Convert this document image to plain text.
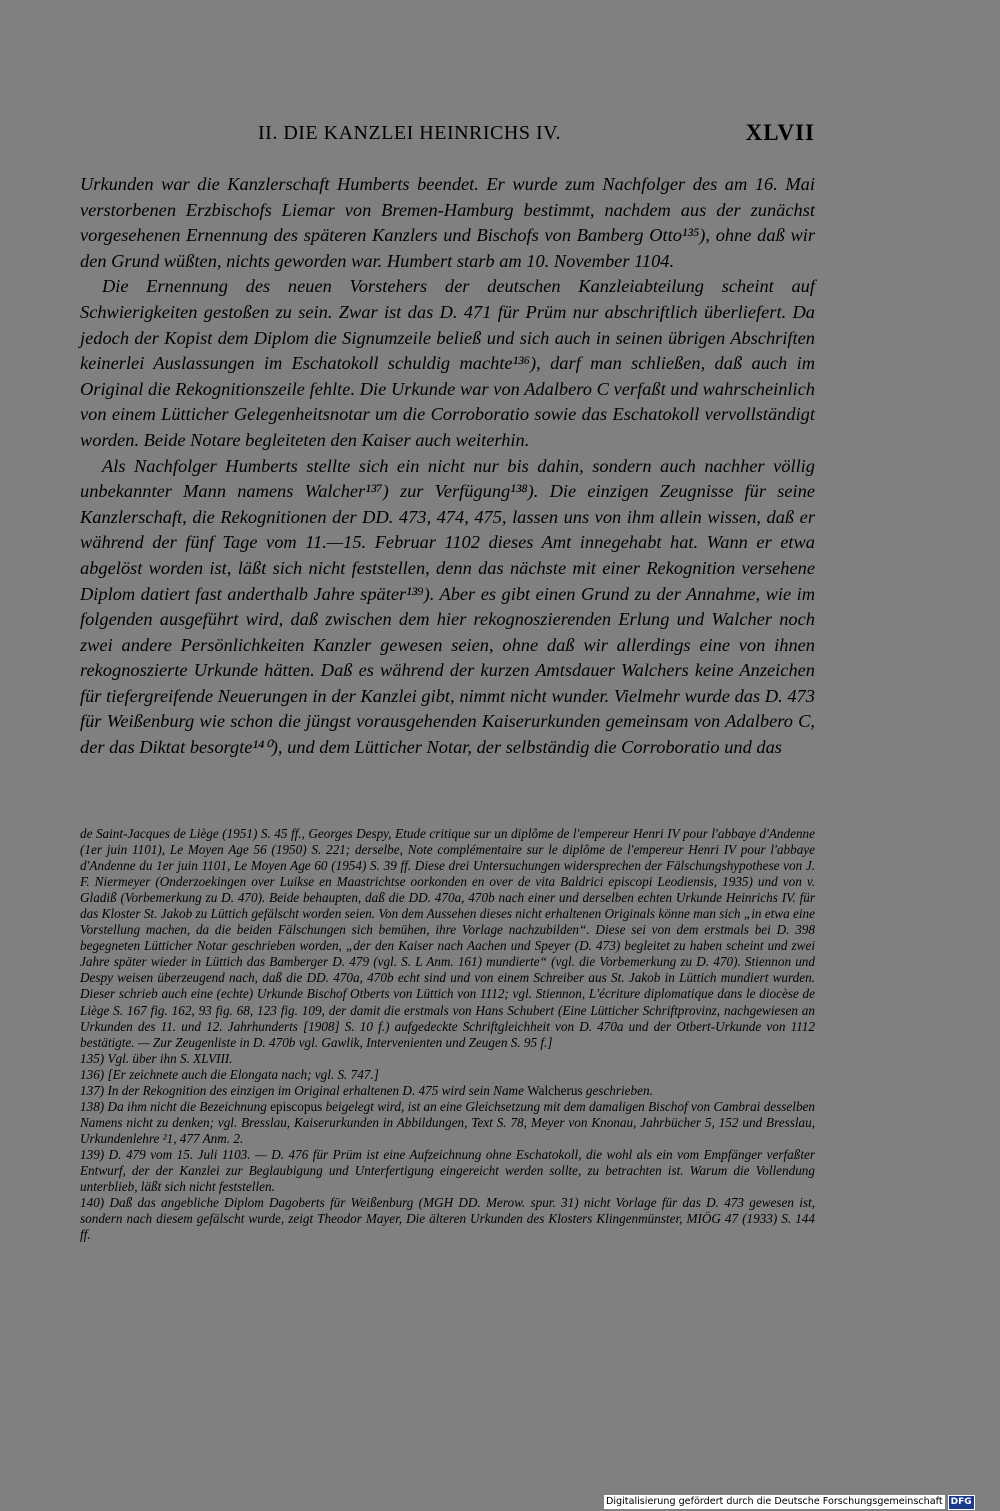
II. DIE KANZLEI HEINRICHS IV.	XLVII

Urkunden war die Kanzlerschaft Humberts beendet. Er wurde zum Nachfolger des am 16. Mai verstorbenen Erzbischofs Liemar von Bremen-Hamburg bestimmt, nachdem aus der zunächst vorgesehenen Ernennung des späteren Kanzlers und Bischofs von Bamberg Otto¹³⁵), ohne daß wir den Grund wüßten, nichts geworden war. Humbert starb am 10. November 1104.

Die Ernennung des neuen Vorstehers der deutschen Kanzleiabteilung scheint auf Schwierigkeiten gestoßen zu sein. Zwar ist das D. 471 für Prüm nur abschriftlich überliefert. Da jedoch der Kopist dem Diplom die Signumzeile beließ und sich auch in seinen übrigen Abschriften keinerlei Auslassungen im Eschatokoll schuldig machte¹³⁶), darf man schließen, daß auch im Original die Rekognitionszeile fehlte. Die Urkunde war von Adalbero C verfaßt und wahrscheinlich von einem Lütticher Gelegenheitsnotar um die Corroboratio sowie das Eschatokoll vervollständigt worden. Beide Notare begleiteten den Kaiser auch weiterhin.

Als Nachfolger Humberts stellte sich ein nicht nur bis dahin, sondern auch nachher völlig unbekannter Mann namens Walcher¹³⁷) zur Verfügung¹³⁸). Die einzigen Zeugnisse für seine Kanzlerschaft, die Rekognitionen der DD. 473, 474, 475, lassen uns von ihm allein wissen, daß er während der fünf Tage vom 11.—15. Februar 1102 dieses Amt innegehabt hat. Wann er etwa abgelöst worden ist, läßt sich nicht feststellen, denn das nächste mit einer Rekognition versehene Diplom datiert fast anderthalb Jahre später¹³⁹). Aber es gibt einen Grund zu der Annahme, wie im folgenden ausgeführt wird, daß zwischen dem hier rekognoszierenden Erlung und Walcher noch zwei andere Persönlichkeiten Kanzler gewesen seien, ohne daß wir allerdings eine von ihnen rekognoszierte Urkunde hätten. Daß es während der kurzen Amtsdauer Walchers keine Anzeichen für tiefergreifende Neuerungen in der Kanzlei gibt, nimmt nicht wunder. Vielmehr wurde das D. 473 für Weißenburg wie schon die jüngst vorausgehenden Kaiserurkunden gemeinsam von Adalbero C, der das Diktat besorgte¹⁴⁰), und dem Lütticher Notar, der selbständig die Corroboratio und das

de Saint-Jacques de Liège (1951) S. 45 ff., Georges Despy, Etude critique sur un diplôme de l'empereur Henri IV pour l'abbaye d'Andenne (1er juin 1101), Le Moyen Age 56 (1950) S. 221; derselbe, Note complémentaire sur le diplôme de l'empereur Henri IV pour l'abbaye d'Andenne du 1er juin 1101, Le Moyen Age 60 (1954) S. 39 ff. Diese drei Untersuchungen widersprechen der Fälschungshypothese von J. F. Niermeyer (Onderzoekingen over Luikse en Maastrichtse oorkonden en over de vita Baldrici episcopi Leodiensis, 1935) und von v. Gladiß (Vorbemerkung zu D. 470). Beide behaupten, daß die DD. 470a, 470b nach einer und derselben echten Urkunde Heinrichs IV. für das Kloster St. Jakob zu Lüttich gefälscht worden seien. Von dem Aussehen dieses nicht erhaltenen Originals könne man sich „in etwa eine Vorstellung machen, da die beiden Fälschungen sich bemühen, ihre Vorlage nachzubilden“. Diese sei von dem erstmals bei D. 398 begegneten Lütticher Notar geschrieben worden, „der den Kaiser nach Aachen und Speyer (D. 473) begleitet zu haben scheint und zwei Jahre später wieder in Lüttich das Bamberger D. 479 (vgl. S. L Anm. 161) mundierte“ (vgl. die Vorbemerkung zu D. 470). Stiennon und Despy weisen überzeugend nach, daß die DD. 470a, 470b echt sind und von einem Schreiber aus St. Jakob in Lüttich mundiert wurden. Dieser schrieb auch eine (echte) Urkunde Bischof Otberts von Lüttich von 1112; vgl. Stiennon, L'écriture diplomatique dans le diocèse de Liège S. 167 fig. 162, 93 fig. 68, 123 fig. 109, der damit die erstmals von Hans Schubert (Eine Lütticher Schriftprovinz, nachgewiesen an Urkunden des 11. und 12. Jahrhunderts [1908] S. 10 f.) aufgedeckte Schriftgleichheit von D. 470a und der Otbert-Urkunde von 1112 bestätigte. — Zur Zeugenliste in D. 470b vgl. Gawlik, Intervenienten und Zeugen S. 95 f.]

135) Vgl. über ihn S. XLVIII.

136) [Er zeichnete auch die Elongata nach; vgl. S. 747.]

137) In der Rekognition des einzigen im Original erhaltenen D. 475 wird sein Name Walcherus geschrieben.

138) Da ihm nicht die Bezeichnung episcopus beigelegt wird, ist an eine Gleichsetzung mit dem damaligen Bischof von Cambrai desselben Namens nicht zu denken; vgl. Bresslau, Kaiserurkunden in Abbildungen, Text S. 78, Meyer von Knonau, Jahrbücher 5, 152 und Bresslau, Urkundenlehre ²1, 477 Anm. 2.

139) D. 479 vom 15. Juli 1103. — D. 476 für Prüm ist eine Aufzeichnung ohne Eschatokoll, die wohl als ein vom Empfänger verfaßter Entwurf, der der Kanzlei zur Beglaubigung und Unterfertigung eingereicht werden sollte, zu betrachten ist. Warum die Vollendung unterblieb, läßt sich nicht feststellen.

140) Daß das angebliche Diplom Dagoberts für Weißenburg (MGH DD. Merow. spur. 31) nicht Vorlage für das D. 473 gewesen ist, sondern nach diesem gefälscht wurde, zeigt Theodor Mayer, Die älteren Urkunden des Klosters Klingenmünster, MIÖG 47 (1933) S. 144 ff.

Digitalisierung gefördert durch die Deutsche Forschungsgemeinschaft DFG
